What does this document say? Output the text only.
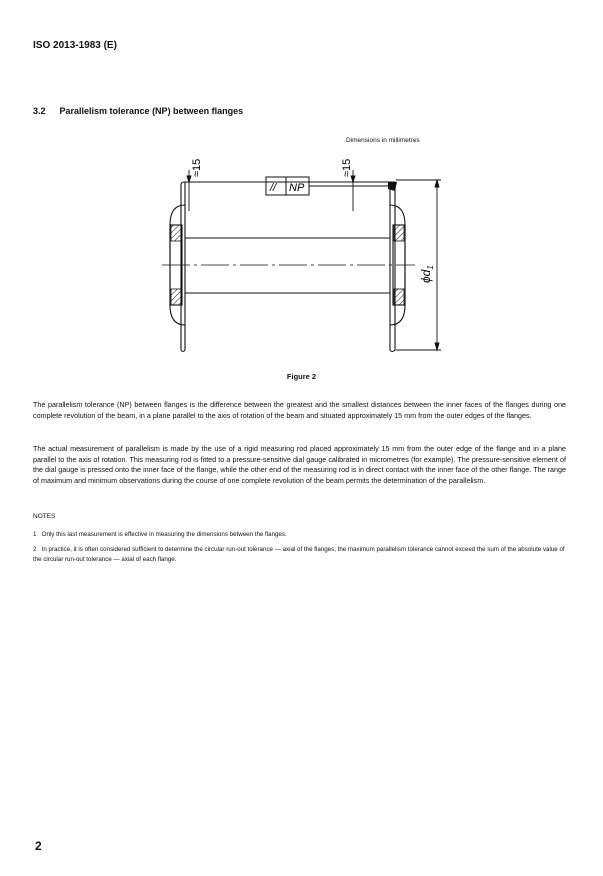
ISO 2013-1983 (E)
3.2 Parallelism tolerance (NP) between flanges
Dimensions in millimetres
≈15	≈15
// NP
$\phi d_1$
Figure 2

The parallelism tolerance (NP) between flanges is the difference between the greatest and the smallest distances between the inner faces of the flanges during one complete revolution of the beam, in a plane parallel to the axis of rotation of the beam and situated approximately 15 mm from the outer edges of the flanges.

The actual measurement of parallelism is made by the use of a rigid measuring rod placed approximately 15 mm from the outer edge of the flange and in a plane parallel to the axis of rotation. This measuring rod is fitted to a pressure-sensitive dial gauge calibrated in micrometres (for example). The pressure-sensitive element of the dial gauge is pressed onto the inner face of the flange, while the other end of the measuring rod is in direct contact with the inner face of the other flange. The range of maximum and minimum observations during the course of one complete revolution of the beam permits the determination of the parallelism.

NOTES

1 Only this last measurement is effective in measuring the dimensions between the flanges.

2 In practice, it is often considered sufficient to determine the circular run-out tolerance — axial of the flanges; the maximum parallelism tolerance cannot exceed the sum of the absolute value of the circular run-out tolerance — axial of each flange.

2
